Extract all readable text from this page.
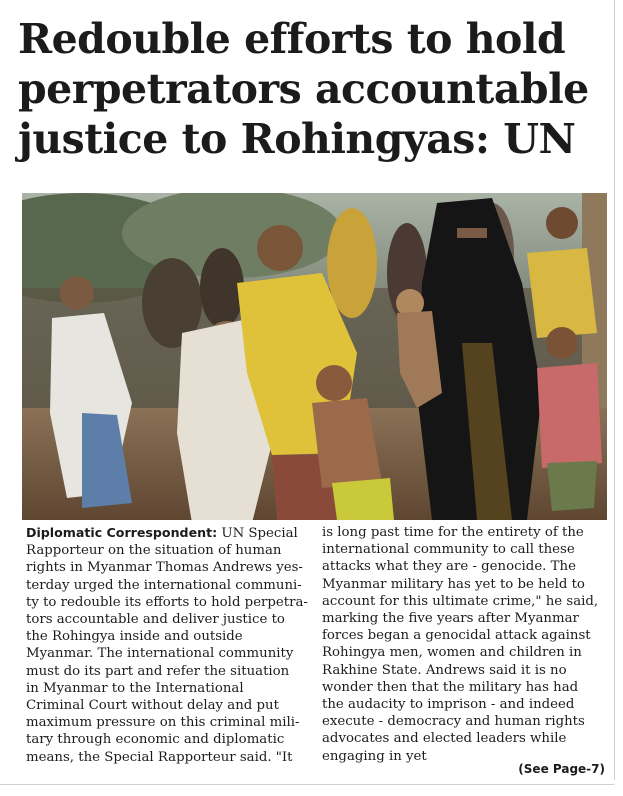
Redouble efforts to hold
perpetrators accountable
justice to Rohingyas: UN
Diplomatic Correspondent: UN Special
Rapporteur on the situation of human
rights in Myanmar Thomas Andrews yes-
terday urged the international communi-
ty to redouble its efforts to hold perpetra-
tors accountable and deliver justice to
the Rohingya inside and outside
Myanmar. The international community
must do its part and refer the situation
in Myanmar to the International
Criminal Court without delay and put
maximum pressure on this criminal mili-
tary through economic and diplomatic
means, the Special Rapporteur said. "It
is long past time for the entirety of the
international community to call these
attacks what they are - genocide. The
Myanmar military has yet to be held to
account for this ultimate crime," he said,
marking the five years after Myanmar
forces began a genocidal attack against
Rohingya men, women and children in
Rakhine State. Andrews said it is no
wonder then that the military has had
the audacity to imprison - and indeed
execute - democracy and human rights
advocates and elected leaders while
engaging in yet
(See Page-7)
